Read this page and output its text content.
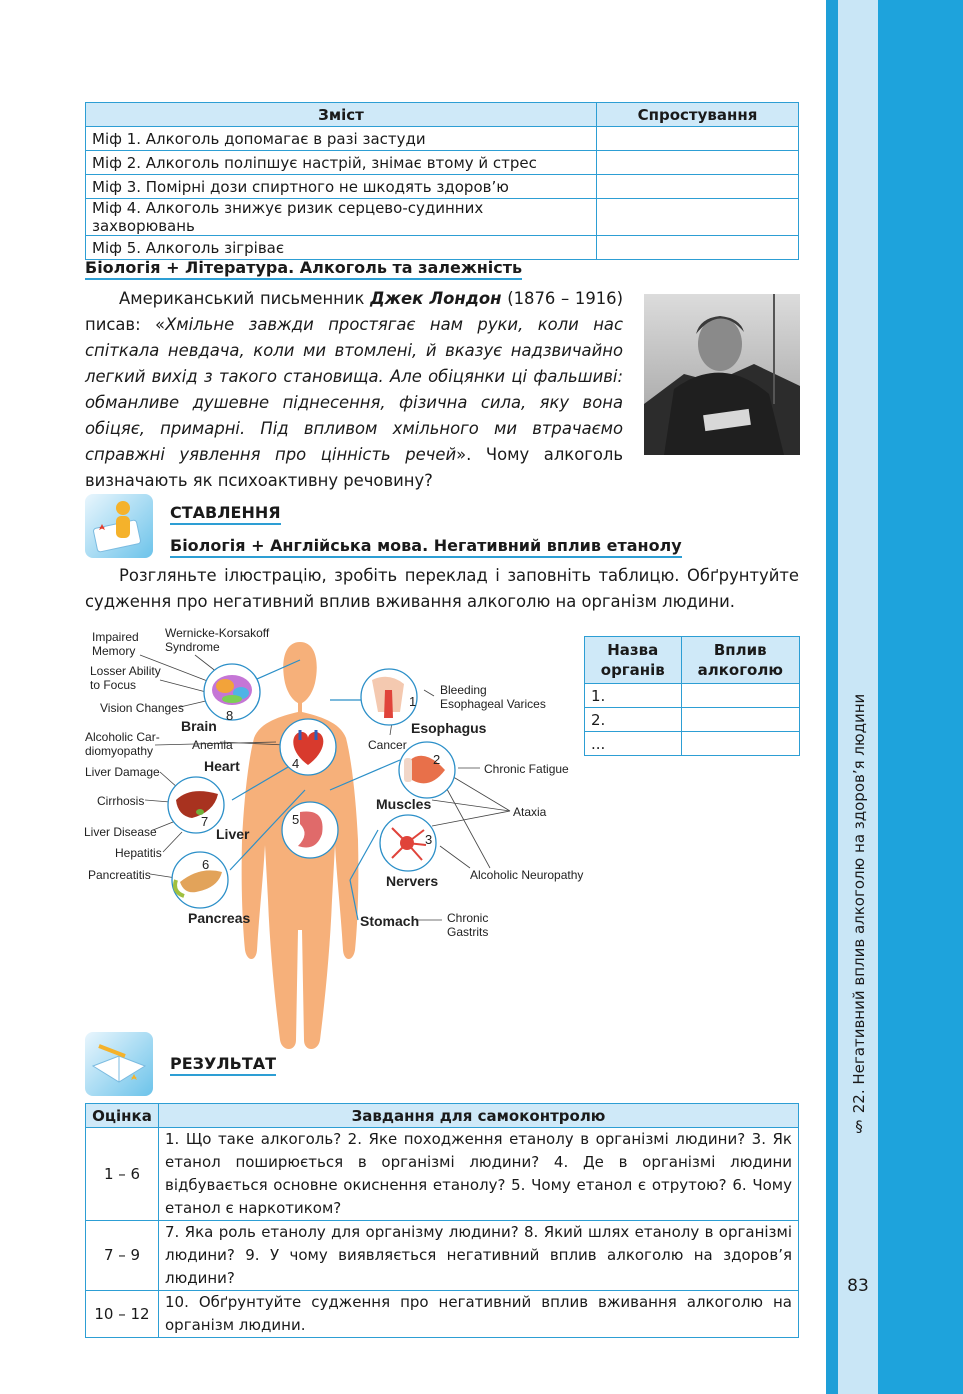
§ 22. Негативний вплив алкоголю на здоров’я людини
83
Зміст	Спростування
Міф 1. Алкоголь допомагає в разі застуди	
Міф 2. Алкоголь поліпшує настрій, знімає втому й стрес	
Міф 3. Помірні дози спиртного не шкодять здоров’ю	
Міф 4. Алкоголь знижує ризик серцево-судинних захворювань	
Міф 5. Алкоголь зігріває	
Біологія + Література. Алкоголь та залежність
Американський письменник Джек Лондон (1876 – 1916) писав: «Хмільне завжди простягає нам руки, коли нас спіткала невдача, коли ми втомлені, й вказує надзвичайно легкий вихід з такого становища. Але обіцянки ці фальшиві: обманливе душевне піднесення, фізична сила, яку вона обіцяє, примарні. Під впливом хмільного ми втрачаємо справжні уявлення про цінність речей». Чому алкоголь визначають як психоактивну речовину?
СТАВЛЕННЯ
Біологія + Англійська мова. Негативний вплив етанолу
Розгляньте ілюстрацію, зробіть переклад і заповніть таблицю. Обґрунтуйте судження про негативний вплив вживання алкоголю на організм людини.
Назва органів	Вплив алкоголю
1.	
2.	
...	
Impaired
Memory
Wernicke-Korsakoff
Syndrome
Losser Ability
to Focus
Vision Changes
Alcoholic Car-
diomyopathy	Anemia
Liver Damage
Cirrhosis
Liver Disease
Hepatitis
Pancreatitis
Bleeding
Esophageal Varices
Cancer
Chronic Fatigue
Ataxia
Alcoholic Neuropathy
Chronic
Gastrits
Brain
Heart
Liver
Pancreas
Esophagus
Muscles
Nervers
Stomach
1
2
3
4
5
6
7
8
РЕЗУЛЬТАТ
Оцінка	Завдання для самоконтролю
1 – 6	1. Що таке алкоголь? 2. Яке походження етанолу в організмі людини? 3. Як етанол поширюється в організмі людини? 4. Де в організмі людини відбувається основне окиснення етанолу? 5. Чому етанол є отрутою? 6. Чому етанол є наркотиком?
7 – 9	7. Яка роль етанолу для організму людини? 8. Який шлях етанолу в організмі людини? 9. У чому виявляється негативний вплив алкоголю на здоров’я людини?
10 – 12	10. Обґрунтуйте судження про негативний вплив вживання алкоголю на організм людини.
